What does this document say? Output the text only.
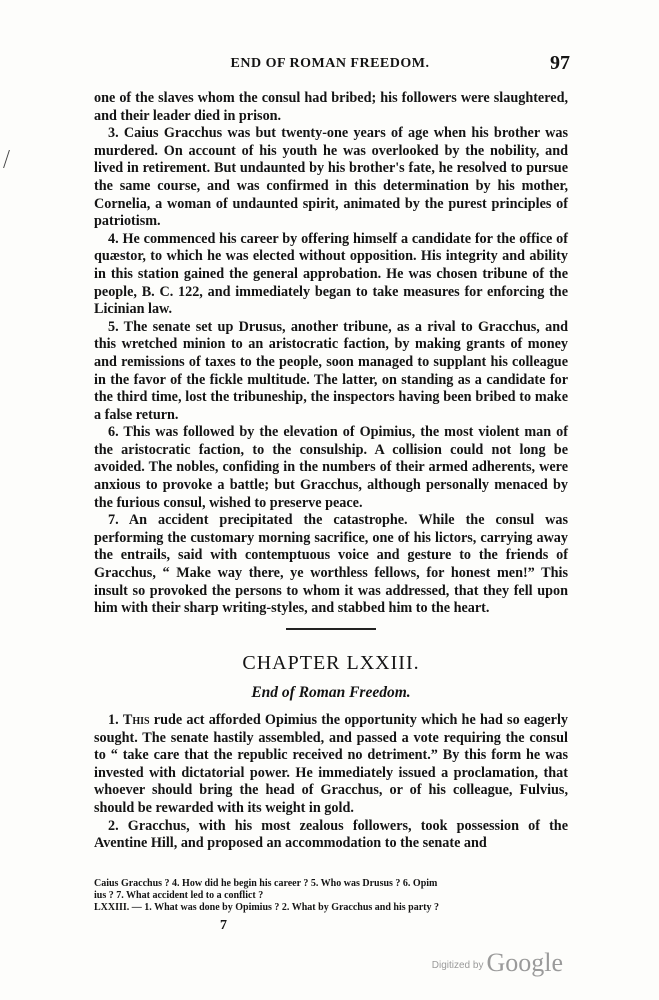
END OF ROMAN FREEDOM.	97

one of the slaves whom the consul had bribed; his followers were slaughtered, and their leader died in prison.

3. Caius Gracchus was but twenty-one years of age when his brother was murdered. On account of his youth he was overlooked by the nobility, and lived in retirement. But undaunted by his brother's fate, he resolved to pursue the same course, and was confirmed in this determination by his mother, Cornelia, a woman of undaunted spirit, animated by the purest principles of patriotism.

4. He commenced his career by offering himself a candidate for the office of quæstor, to which he was elected without opposition. His integrity and ability in this station gained the general approbation. He was chosen tribune of the people, B. C. 122, and immediately began to take measures for enforcing the Licinian law.

5. The senate set up Drusus, another tribune, as a rival to Gracchus, and this wretched minion to an aristocratic faction, by making grants of money and remissions of taxes to the people, soon managed to supplant his colleague in the favor of the fickle multitude. The latter, on standing as a candidate for the third time, lost the tribuneship, the inspectors having been bribed to make a false return.

6. This was followed by the elevation of Opimius, the most violent man of the aristocratic faction, to the consulship. A collision could not long be avoided. The nobles, confiding in the numbers of their armed adherents, were anxious to provoke a battle; but Gracchus, although personally menaced by the furious consul, wished to preserve peace.

7. An accident precipitated the catastrophe. While the consul was performing the customary morning sacrifice, one of his lictors, carrying away the entrails, said with contemptuous voice and gesture to the friends of Gracchus, “ Make way there, ye worthless fellows, for honest men!” This insult so provoked the persons to whom it was addressed, that they fell upon him with their sharp writing-styles, and stabbed him to the heart.

CHAPTER LXXIII.
End of Roman Freedom.

1. This rude act afforded Opimius the opportunity which he had so eagerly sought. The senate hastily assembled, and passed a vote requiring the consul to “ take care that the republic received no detriment.” By this form he was invested with dictatorial power. He immediately issued a proclamation, that whoever should bring the head of Gracchus, or of his colleague, Fulvius, should be rewarded with its weight in gold.

2. Gracchus, with his most zealous followers, took possession of the Aventine Hill, and proposed an accommodation to the senate and

Caius Gracchus ? 4. How did he begin his career ? 5. Who was Drusus ? 6. Opim
ius ? 7. What accident led to a conflict ?
LXXIII. — 1. What was done by Opimius ? 2. What by Gracchus and his party ?
7
Digitized by Google
